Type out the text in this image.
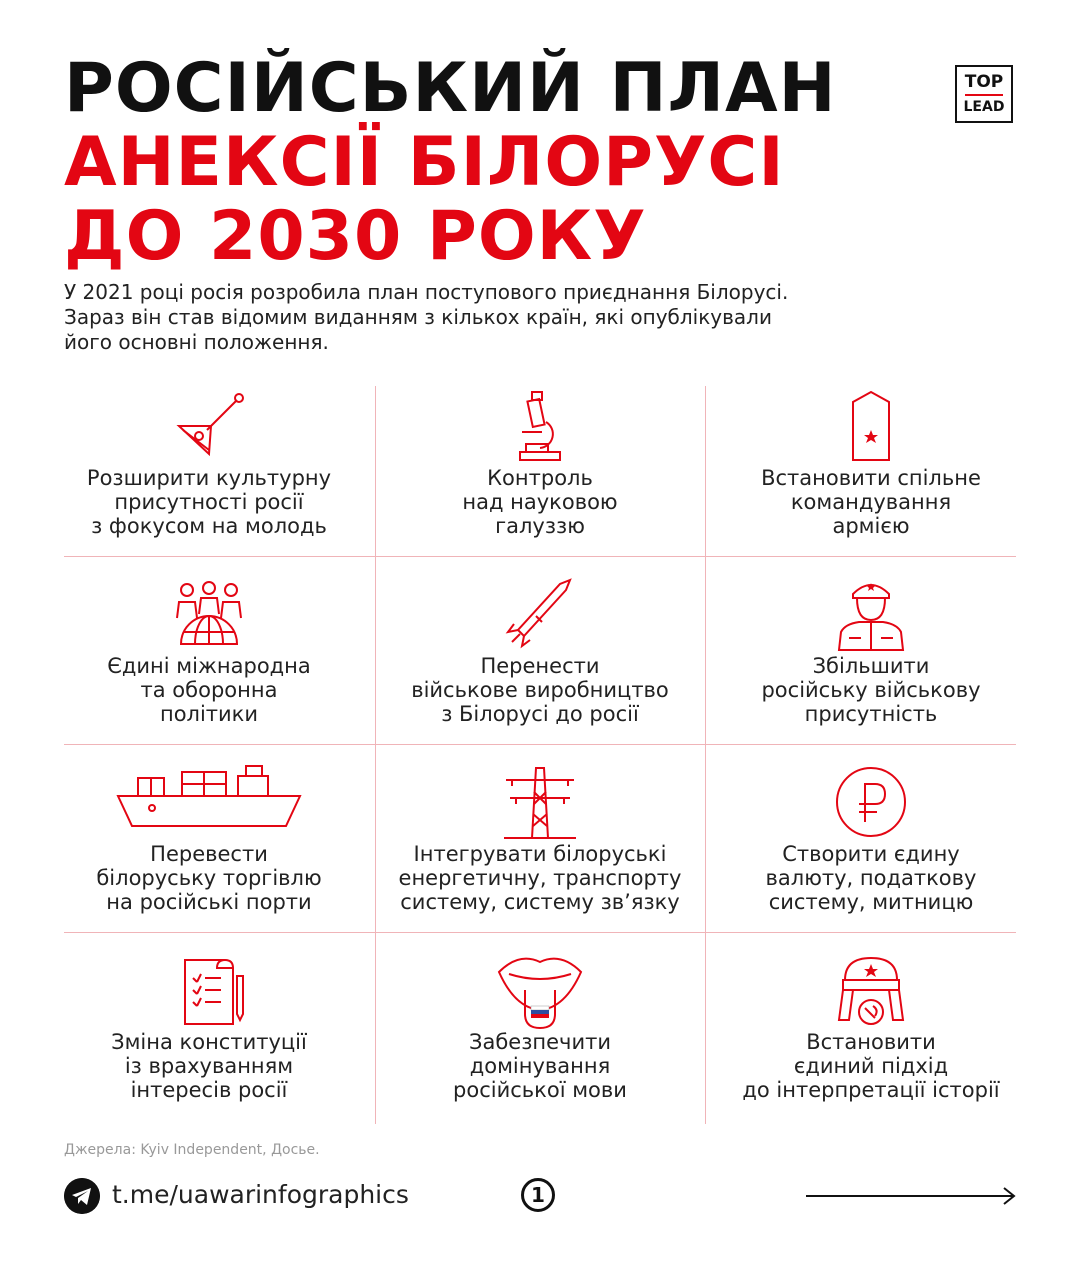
РОСІЙСЬКИЙ ПЛАН
АНЕКСІЇ БІЛОРУСІ
ДО 2030 РОКУ
TOP
LEAD
У 2021 році росія розробила план поступового приєднання Білорусі.
Зараз він став відомим виданням з кількох країн, які опублікували
його основні положення.
Розширити культурну
присутності росії
з фокусом на молодь
Контроль
над науковою
галуззю
Встановити спільне
командування
армією
Єдині міжнародна
та оборонна
політики
Перенести
військове виробництво
з Білорусі до росії
Збільшити
російську військову
присутність
Перевести
білоруську торгівлю
на російські порти
Інтегрувати білоруські
енергетичну, транспорту
систему, систему зв’язку
Створити єдину
валюту, податкову
систему, митницю
Зміна конституції
із врахуванням
інтересів росії
Забезпечити
домінування
російської мови
Встановити
єдиний підхід
до інтерпретації історії
Джерела: Kyiv Independent, Досье.
t.me/uawarinfographics	1
